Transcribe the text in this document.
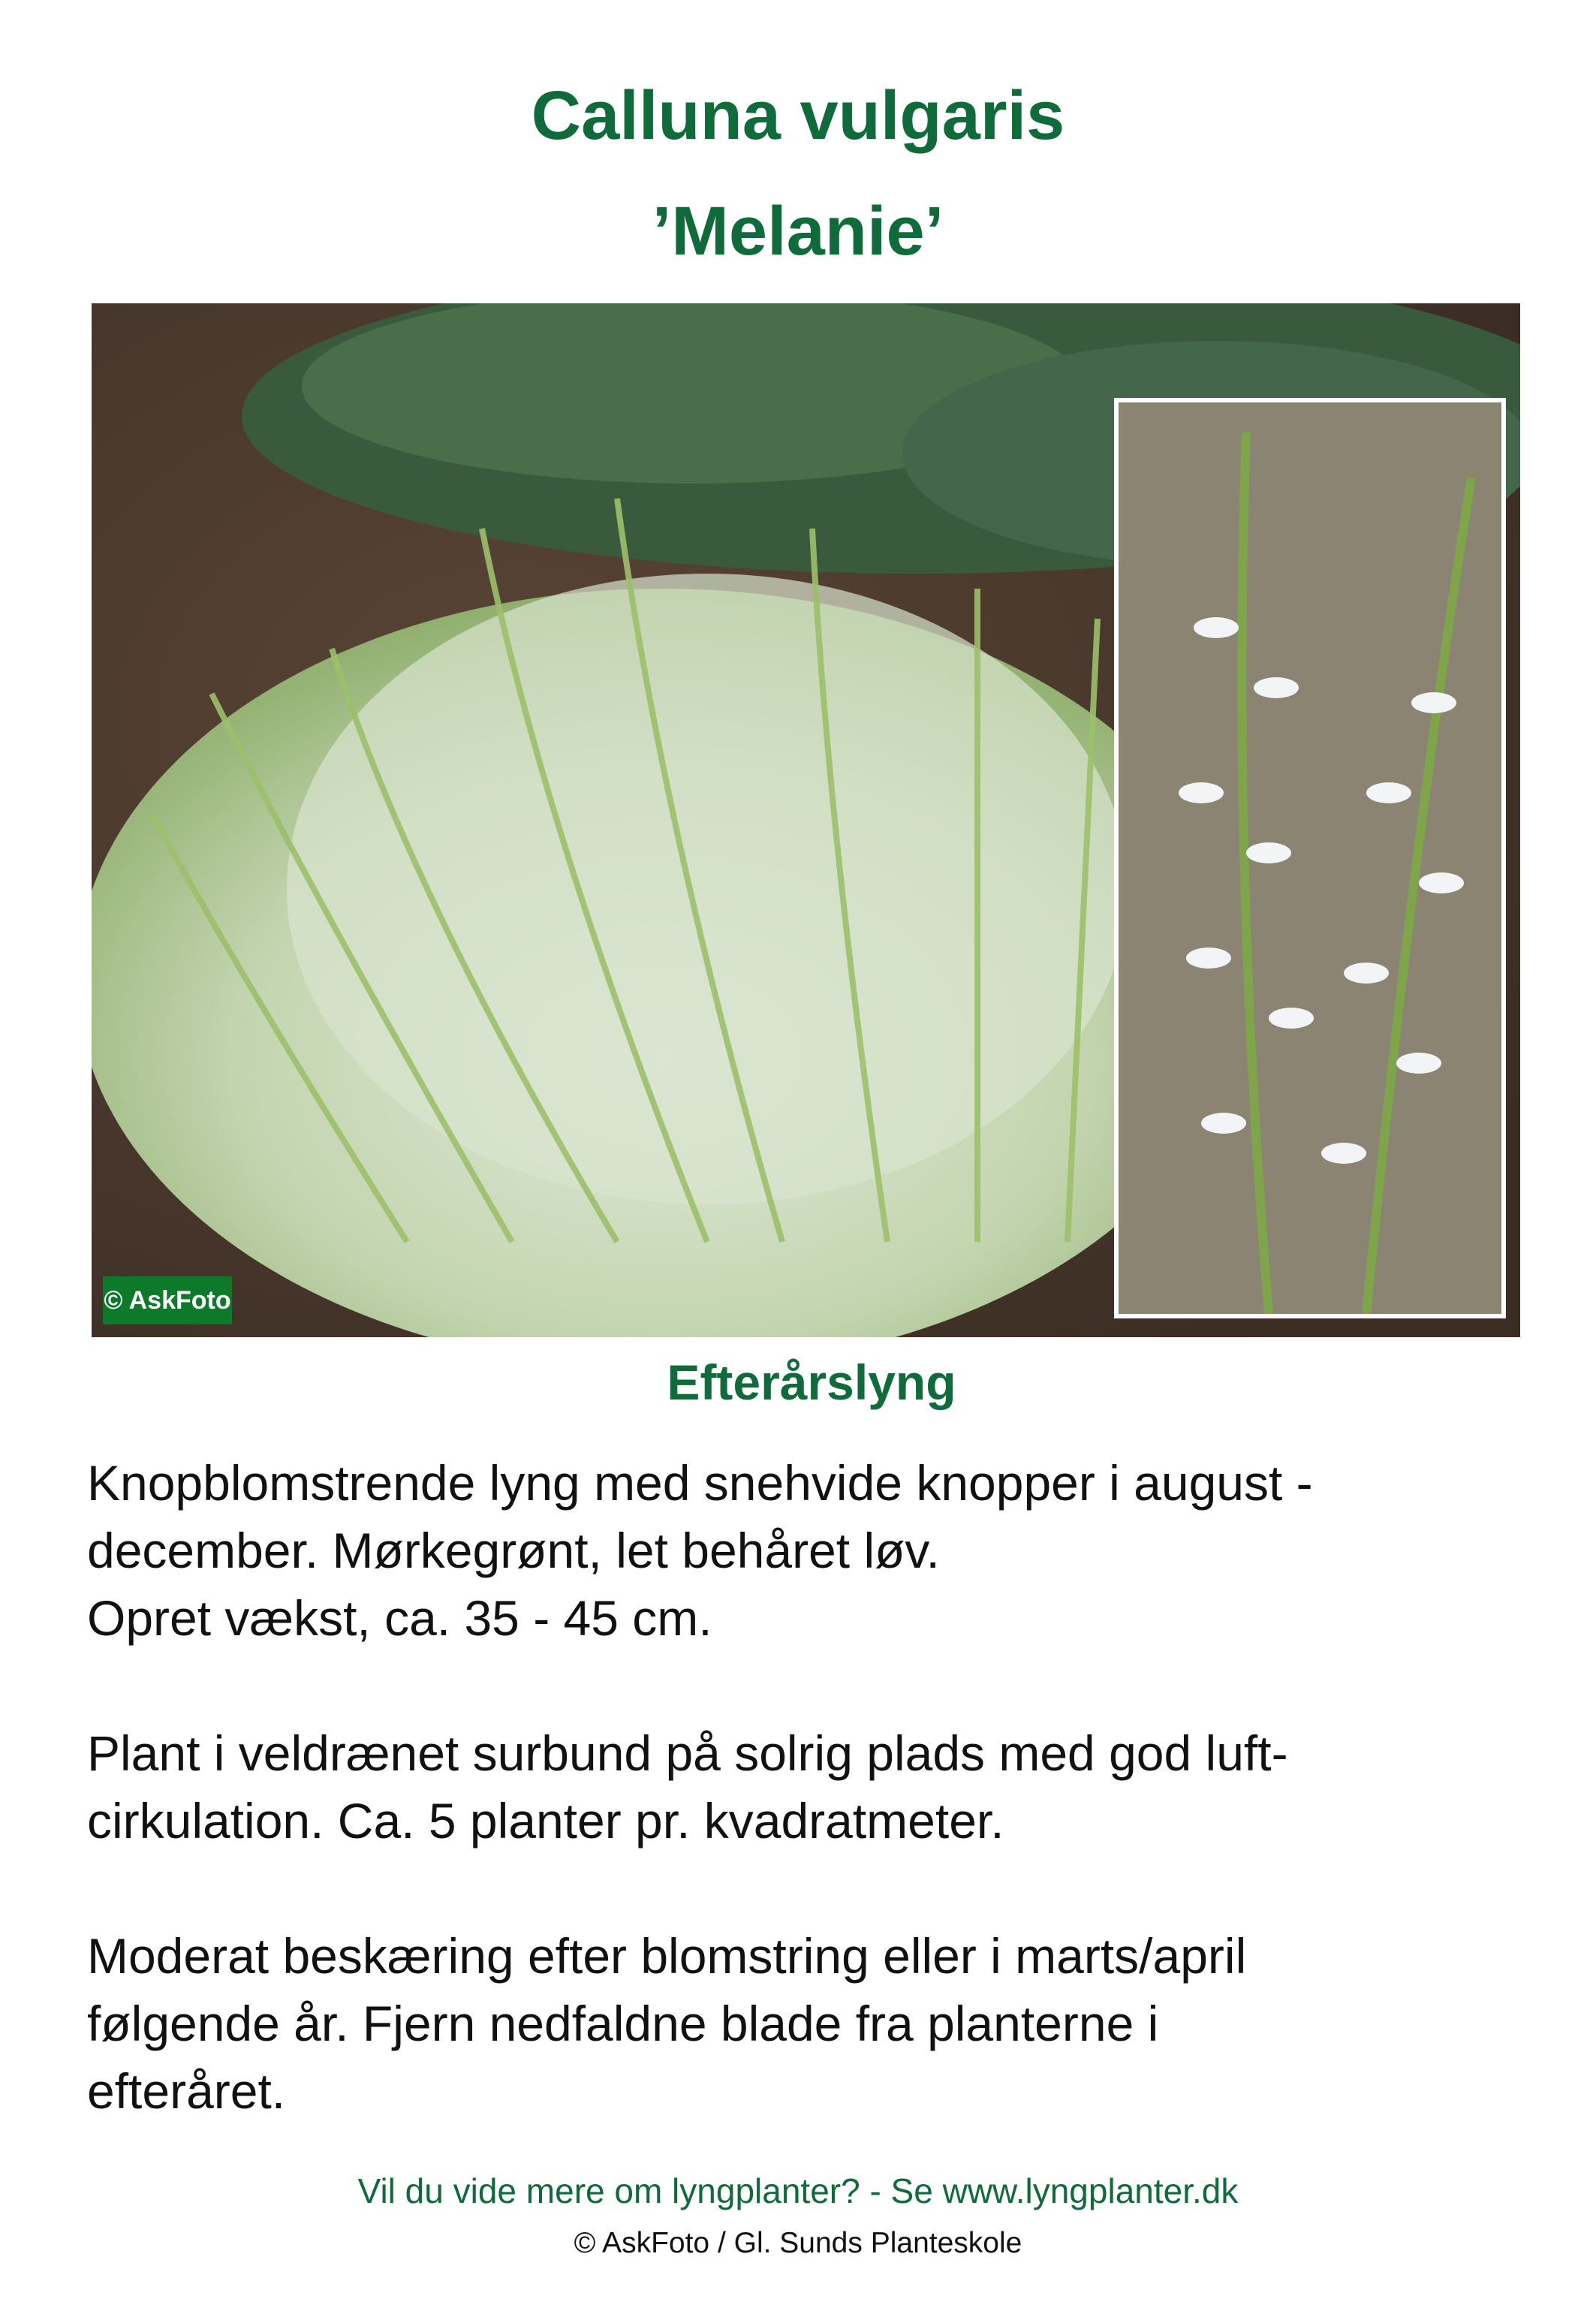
Calluna vulgaris
’Melanie’
© AskFoto
Efterårslyng

Knopblomstrende lyng med snehvide knopper i august -

december. Mørkegrønt, let behåret løv.

Opret vækst, ca. 35 - 45 cm.

Plant i veldrænet surbund på solrig plads med god luft-

cirkulation. Ca. 5 planter pr. kvadratmeter.

Moderat beskæring efter blomstring eller i marts/april

følgende år. Fjern nedfaldne blade fra planterne i

efteråret.

Vil du vide mere om lyngplanter? - Se www.lyngplanter.dk
© AskFoto / Gl. Sunds Planteskole
